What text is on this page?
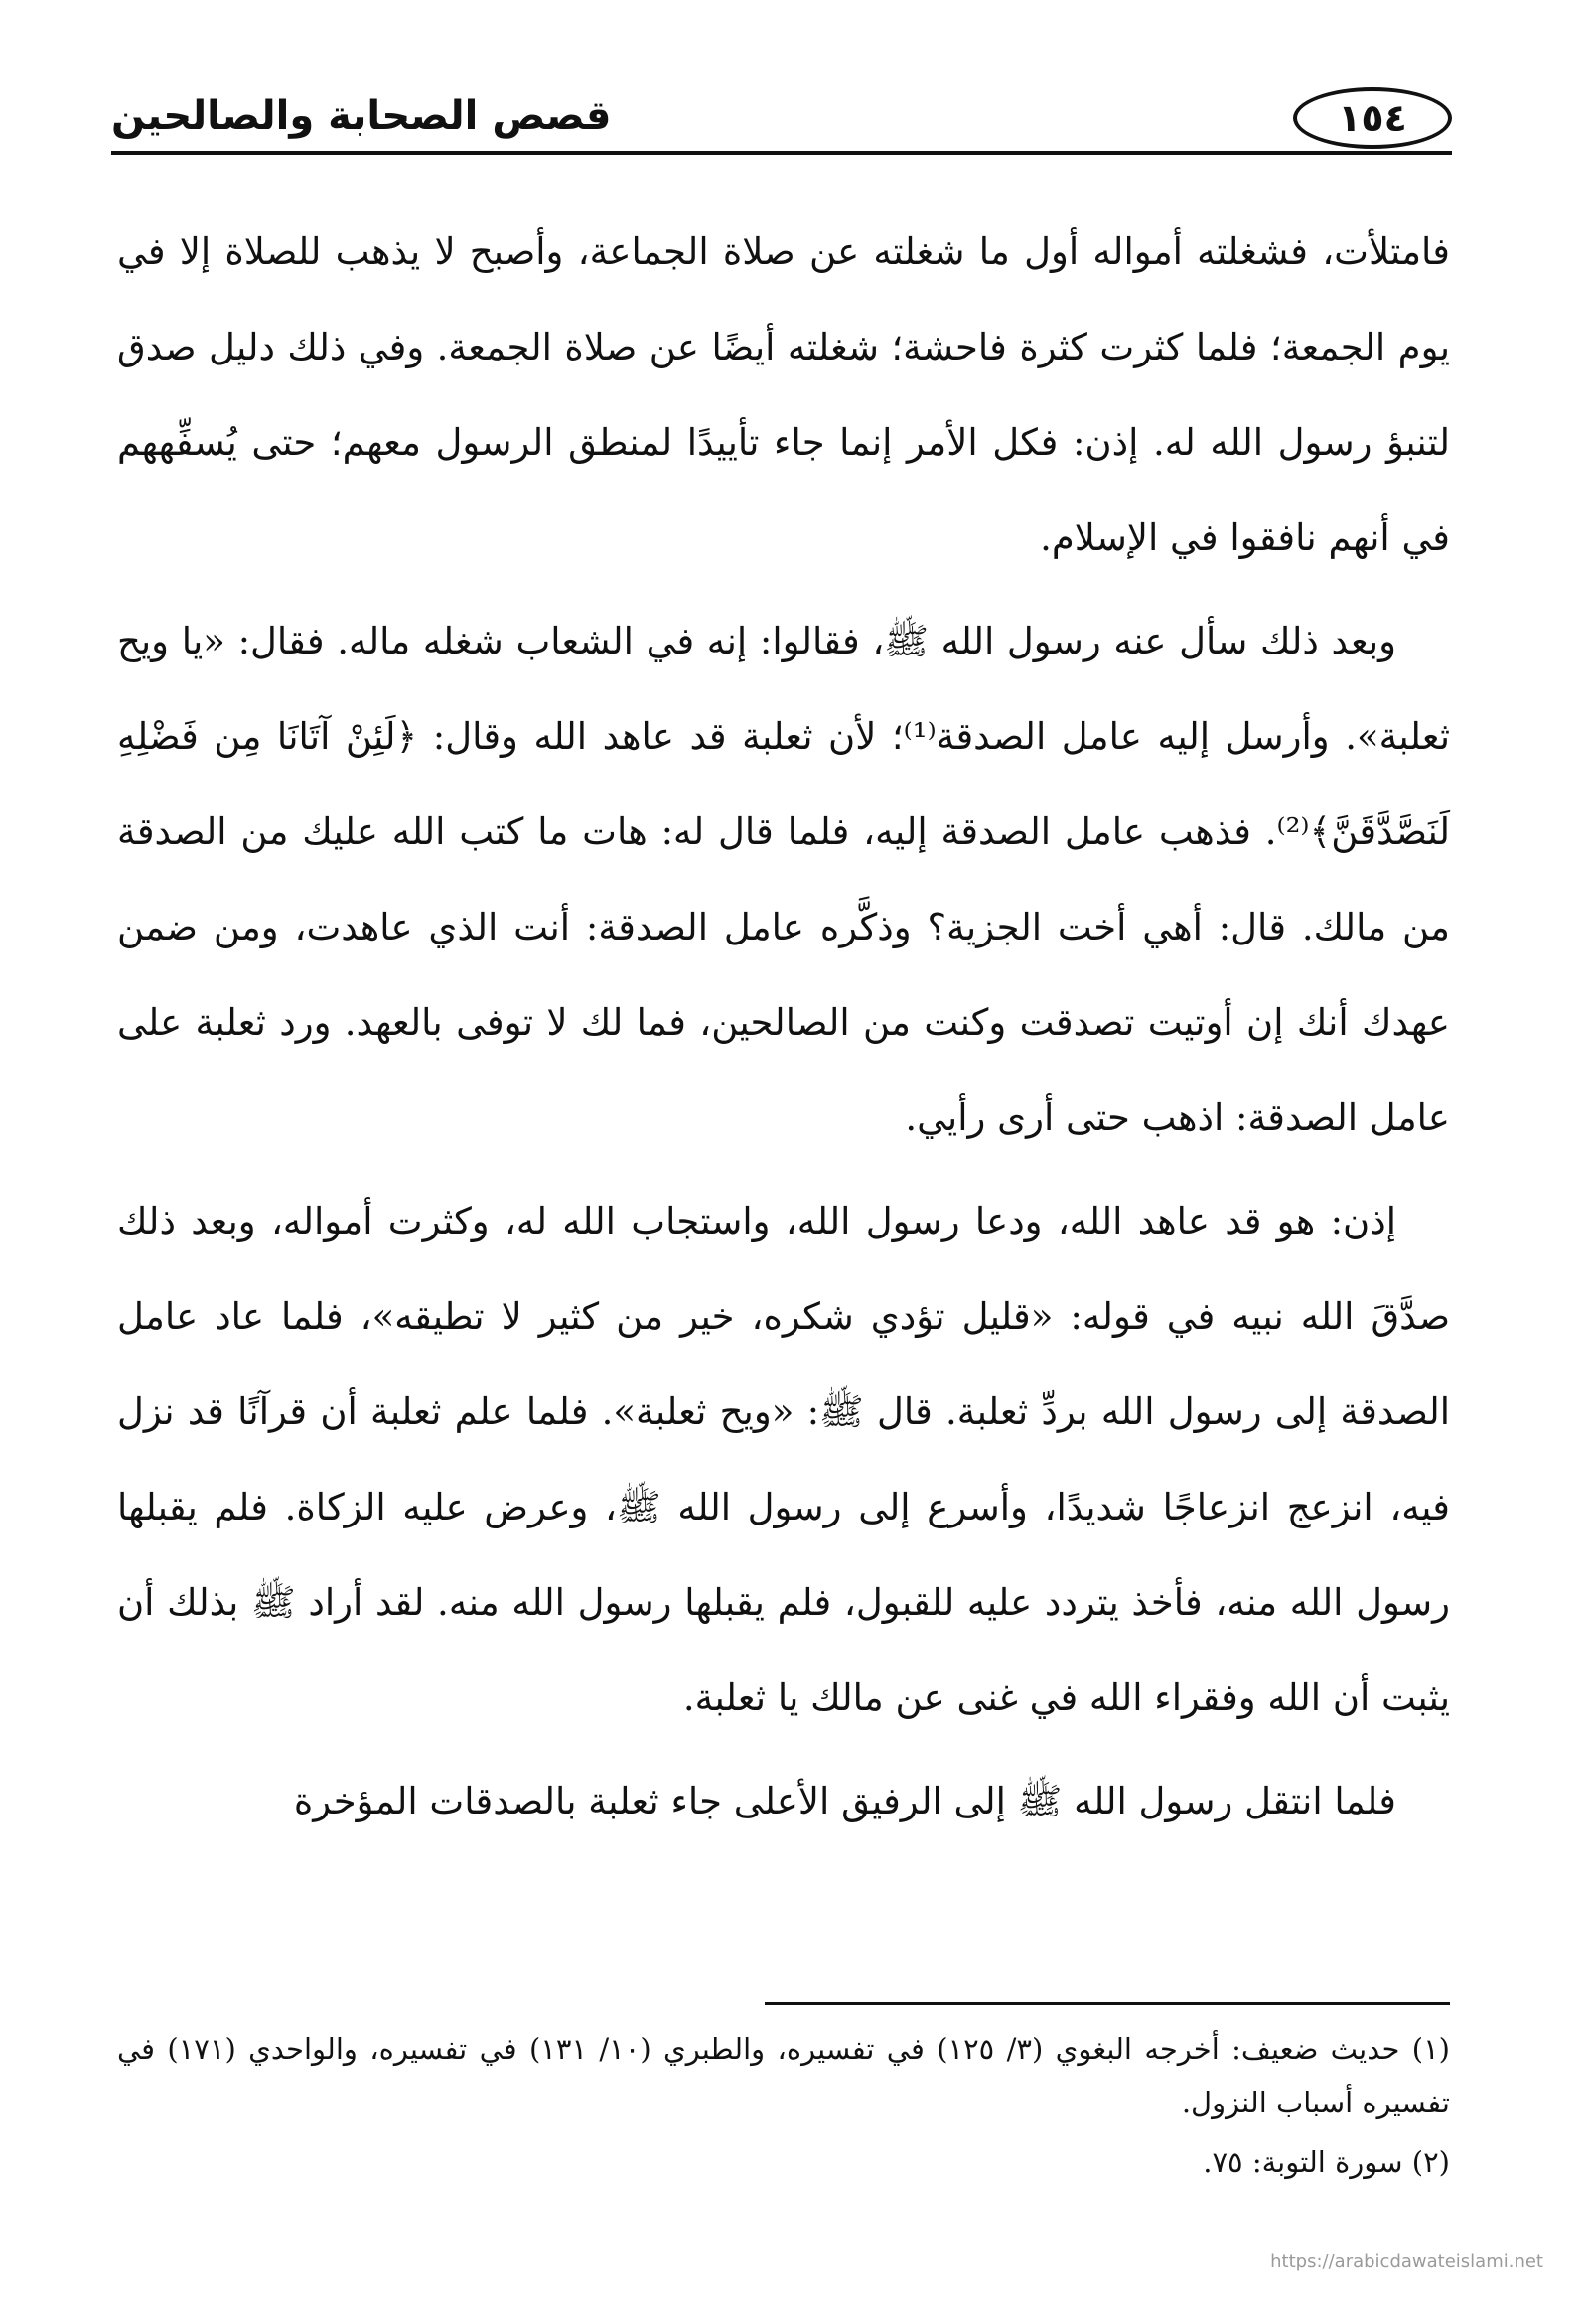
قصص الصحابة والصالحين	١٥٤

فامتلأت، فشغلته أمواله أول ما شغلته عن صلاة الجماعة، وأصبح لا يذهب للصلاة إلا في يوم الجمعة؛ فلما كثرت كثرة فاحشة؛ شغلته أيضًا عن صلاة الجمعة. وفي ذلك دليل صدق لتنبؤ رسول الله له. إذن: فكل الأمر إنما جاء تأييدًا لمنطق الرسول معهم؛ حتى يُسفِّههم في أنهم نافقوا في الإسلام.

وبعد ذلك سأل عنه رسول الله ﷺ، فقالوا: إنه في الشعاب شغله ماله. فقال: «يا ويح ثعلبة». وأرسل إليه عامل الصدقة⁽¹⁾؛ لأن ثعلبة قد عاهد الله وقال: ﴿لَئِنْ آتَانَا مِن فَضْلِهِ لَنَصَّدَّقَنَّ﴾⁽²⁾. فذهب عامل الصدقة إليه، فلما قال له: هات ما كتب الله عليك من الصدقة من مالك. قال: أهي أخت الجزية؟ وذكَّره عامل الصدقة: أنت الذي عاهدت، ومن ضمن عهدك أنك إن أوتيت تصدقت وكنت من الصالحين، فما لك لا توفى بالعهد. ورد ثعلبة على عامل الصدقة: اذهب حتى أرى رأيي.

إذن: هو قد عاهد الله، ودعا رسول الله، واستجاب الله له، وكثرت أمواله، وبعد ذلك صدَّقَ الله نبيه في قوله: «قليل تؤدي شكره، خير من كثير لا تطيقه»، فلما عاد عامل الصدقة إلى رسول الله بردِّ ثعلبة. قال ﷺ: «ويح ثعلبة». فلما علم ثعلبة أن قرآنًا قد نزل فيه، انزعج انزعاجًا شديدًا، وأسرع إلى رسول الله ﷺ، وعرض عليه الزكاة. فلم يقبلها رسول الله منه، فأخذ يتردد عليه للقبول، فلم يقبلها رسول الله منه. لقد أراد ﷺ بذلك أن يثبت أن الله وفقراء الله في غنى عن مالك يا ثعلبة.

فلما انتقل رسول الله ﷺ إلى الرفيق الأعلى جاء ثعلبة بالصدقات المؤخرة

(١) حديث ضعيف: أخرجه البغوي (٣/ ١٢٥) في تفسيره، والطبري (١٠/ ١٣١) في تفسيره، والواحدي (١٧١) في تفسيره أسباب النزول.

(٢) سورة التوبة: ٧٥.

https://arabicdawateislami.net
